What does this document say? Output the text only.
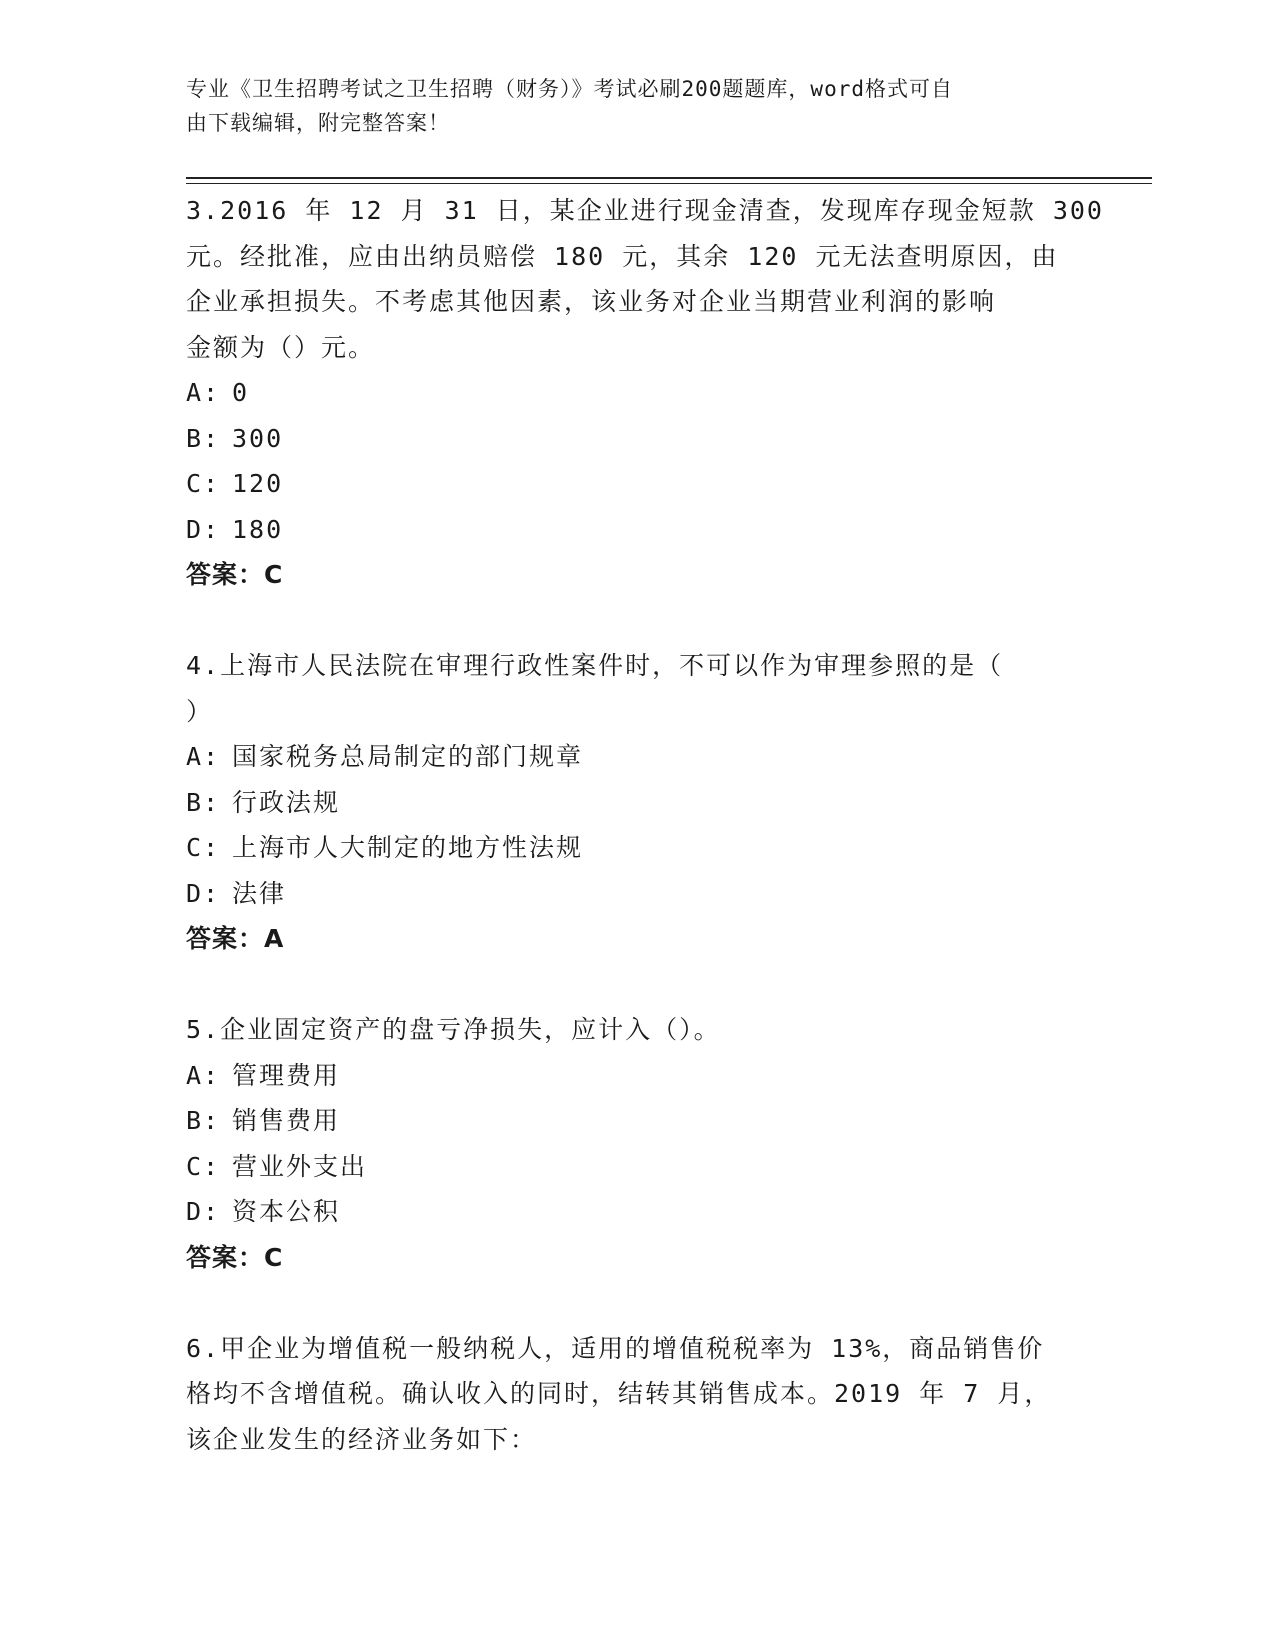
专业《卫生招聘考试之卫生招聘（财务）》考试必刷200题题库，word格式可自
由下载编辑，附完整答案！
3.2016 年 12 月 31 日，某企业进行现金清查，发现库存现金短款 300
元。经批准，应由出纳员赔偿 180 元，其余 120 元无法查明原因，由
企业承担损失。不考虑其他因素，该业务对企业当期营业利润的影响
金额为（）元。
A: 0
B: 300
C: 120
D: 180
答案：C
4.上海市人民法院在审理行政性案件时，不可以作为审理参照的是（
）
A: 国家税务总局制定的部门规章
B: 行政法规
C: 上海市人大制定的地方性法规
D: 法律
答案：A
5.企业固定资产的盘亏净损失，应计入（）。
A: 管理费用
B: 销售费用
C: 营业外支出
D: 资本公积
答案：C
6.甲企业为增值税一般纳税人，适用的增值税税率为 13%，商品销售价
格均不含增值税。确认收入的同时，结转其销售成本。2019 年 7 月，
该企业发生的经济业务如下：
